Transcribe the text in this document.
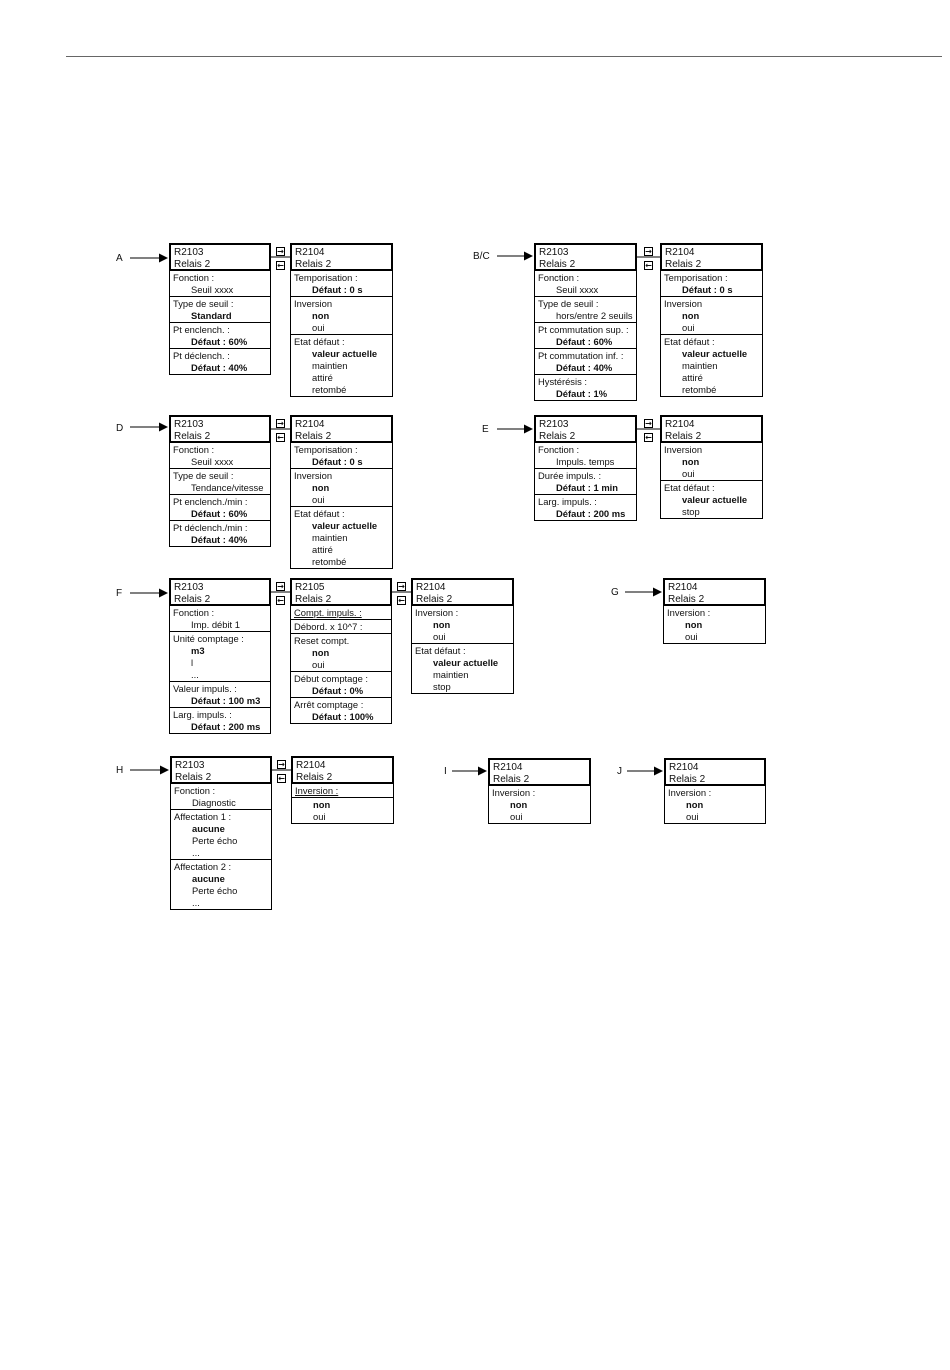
A
R2103
Relais 2
Fonction :
Seuil xxxx
Type de seuil :
Standard
Pt enclench. :
Défaut : 60%
Pt déclench. :
Défaut : 40%
→
←
R2104
Relais 2
Temporisation :
Défaut : 0 s
Inversion
non
oui
Etat défaut :
valeur actuelle
maintien
attiré
retombé
B/C	R2103
Relais 2
Fonction :
Seuil xxxx
Type de seuil :
hors/entre 2 seuils
Pt commutation sup. :
Défaut : 60%
Pt commutation inf. :
Défaut : 40%
Hystérésis :
Défaut : 1%
→
←
R2104
Relais 2
Temporisation :
Défaut : 0 s
Inversion
non
oui
Etat défaut :
valeur actuelle
maintien
attiré
retombé
D	R2103
Relais 2
Fonction :
Seuil xxxx
Type de seuil :
Tendance/vitesse
Pt enclench./min :
Défaut : 60%
Pt déclench./min :
Défaut : 40%
→
←
R2104
Relais 2
Temporisation :
Défaut : 0 s
Inversion
non
oui
Etat défaut :
valeur actuelle
maintien
attiré
retombé
E	R2103
Relais 2
Fonction :
Impuls. temps
Durée impuls. :
Défaut : 1 min
Larg. impuls. :
Défaut : 200 ms
→
←
R2104
Relais 2
Inversion
non
oui
Etat défaut :
valeur actuelle
stop
F
R2103
Relais 2
Fonction :
Imp. débit 1
Unité comptage :
m3
l
...
Valeur impuls. :
Défaut : 100 m3
Larg. impuls. :
Défaut : 200 ms
→
←
R2105
Relais 2
Compt. impuls. :
Débord. x 10^7 :
Reset compt.
non
oui
Début comptage :
Défaut : 0%
Arrêt comptage :
Défaut : 100%
→
←
R2104
Relais 2
Inversion :
non
oui
Etat défaut :
valeur actuelle
maintien
stop
G	R2104
Relais 2
Inversion :
non
oui
H	R2103
Relais 2
Fonction :
Diagnostic
Affectation 1 :
aucune
Perte écho
...
Affectation 2 :
aucune
Perte écho
...
→
←
R2104
Relais 2
Inversion :
non
oui
I	R2104
Relais 2
Inversion :
non
oui
J	R2104
Relais 2
Inversion :
non
oui
